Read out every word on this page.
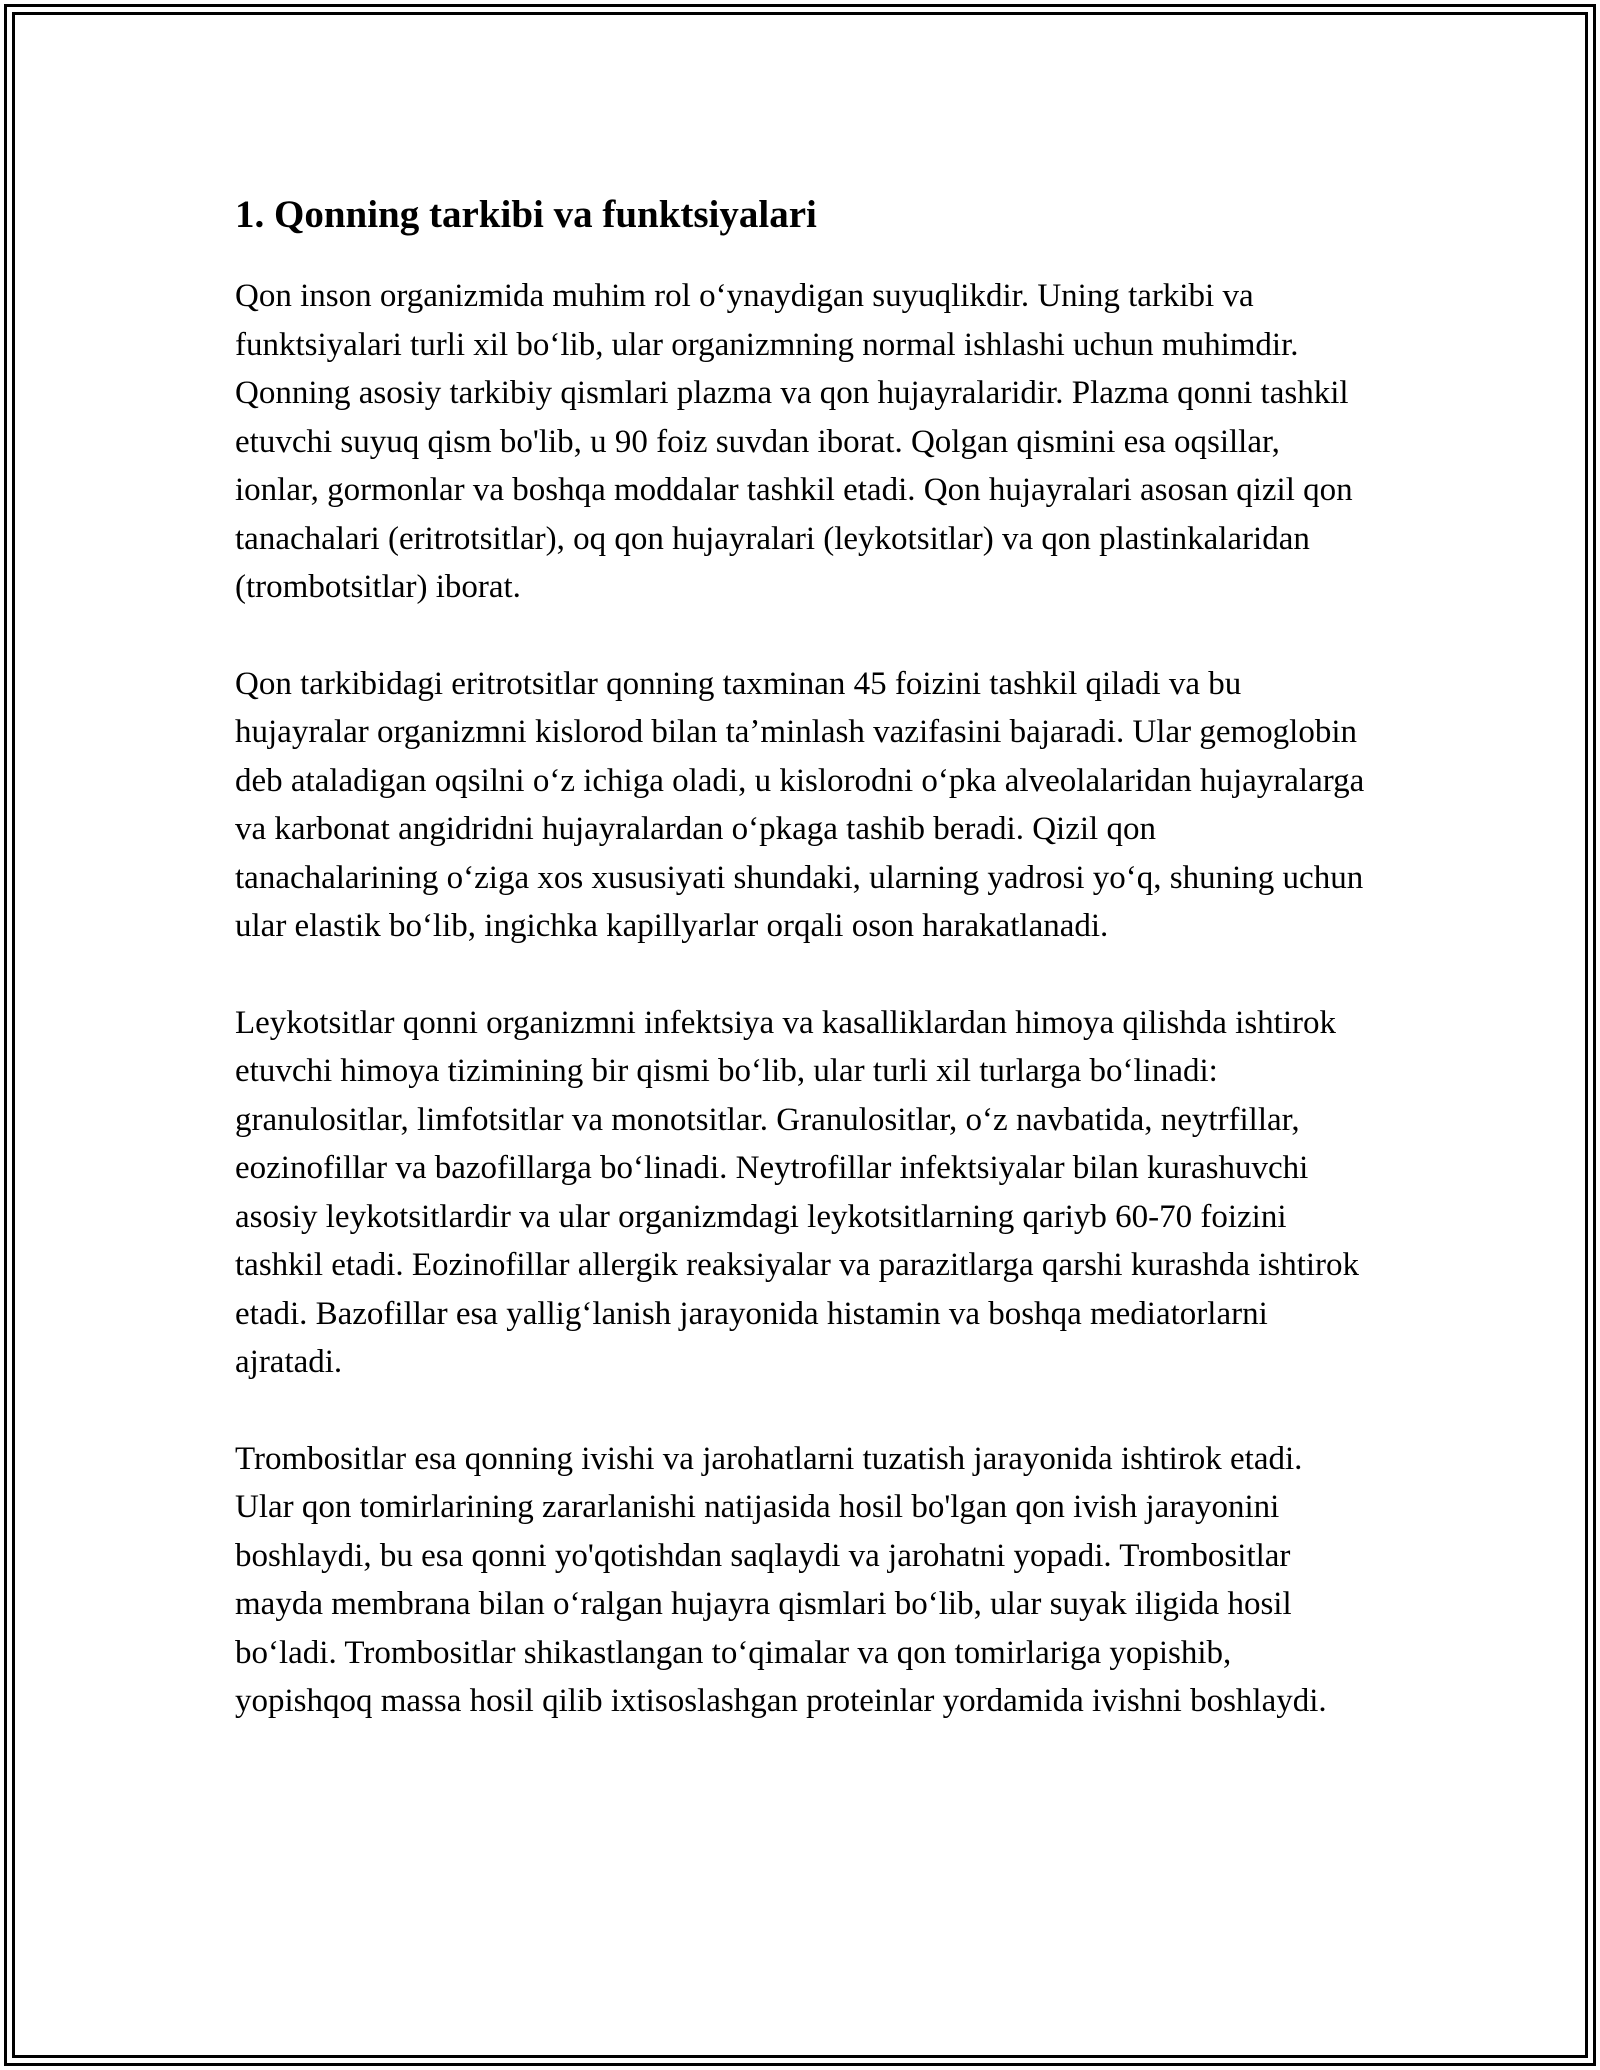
1. Qonning tarkibi va funktsiyalari

Qon inson organizmida muhim rol oʻynaydigan suyuqlikdir. Uning tarkibi va funktsiyalari turli xil boʻlib, ular organizmning normal ishlashi uchun muhimdir. Qonning asosiy tarkibiy qismlari plazma va qon hujayralaridir. Plazma qonni tashkil etuvchi suyuq qism bo'lib, u 90 foiz suvdan iborat. Qolgan qismini esa oqsillar, ionlar, gormonlar va boshqa moddalar tashkil etadi. Qon hujayralari asosan qizil qon tanachalari (eritrotsitlar), oq qon hujayralari (leykotsitlar) va qon plastinkalaridan (trombotsitlar) iborat.

Qon tarkibidagi eritrotsitlar qonning taxminan 45 foizini tashkil qiladi va bu hujayralar organizmni kislorod bilan taʼminlash vazifasini bajaradi. Ular gemoglobin deb ataladigan oqsilni oʻz ichiga oladi, u kislorodni oʻpka alveolalaridan hujayralarga va karbonat angidridni hujayralardan oʻpkaga tashib beradi. Qizil qon tanachalarining oʻziga xos xususiyati shundaki, ularning yadrosi yoʻq, shuning uchun ular elastik boʻlib, ingichka kapillyarlar orqali oson harakatlanadi.

Leykotsitlar qonni organizmni infektsiya va kasalliklardan himoya qilishda ishtirok etuvchi himoya tizimining bir qismi boʻlib, ular turli xil turlarga boʻlinadi: granulositlar, limfotsitlar va monotsitlar. Granulositlar, oʻz navbatida, neytrfillar, eozinofillar va bazofillarga boʻlinadi. Neytrofillar infektsiyalar bilan kurashuvchi asosiy leykotsitlardir va ular organizmdagi leykotsitlarning qariyb 60-70 foizini tashkil etadi. Eozinofillar allergik reaksiyalar va parazitlarga qarshi kurashda ishtirok etadi. Bazofillar esa yalligʻlanish jarayonida histamin va boshqa mediatorlarni ajratadi.

Trombositlar esa qonning ivishi va jarohatlarni tuzatish jarayonida ishtirok etadi. Ular qon tomirlarining zararlanishi natijasida hosil bo'lgan qon ivish jarayonini boshlaydi, bu esa qonni yo'qotishdan saqlaydi va jarohatni yopadi. Trombositlar mayda membrana bilan oʻralgan hujayra qismlari boʻlib, ular suyak iligida hosil boʻladi. Trombositlar shikastlangan toʻqimalar va qon tomirlariga yopishib, yopishqoq massa hosil qilib ixtisoslashgan proteinlar yordamida ivishni boshlaydi.
